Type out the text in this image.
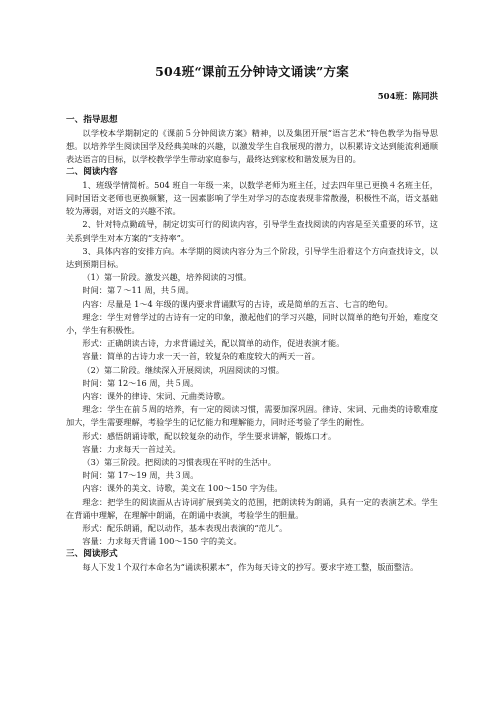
504班“课前五分钟诗文诵读”方案
504班：陈同洪
一、指导思想

以学校本学期制定的《课前５分钟阅读方案》精神，以及集团开展“语言艺术”特色教学为指导思想。以培养学生阅读国学及经典美味的兴趣，以激发学生自我展现的潜力，以积累诗文达到能流利通顺表达语言的目标，以学校教学学生带动家庭参与，最终达到家校和谐发展为目的。

二、阅读内容

1、班级学情简析。504 班自一年级一来，以数学老师为班主任，过去四年里已更换４名班主任，同时国语文老师也更换频繁，这一因素影响了学生对学习的态度表现非常散漫，积极性不高，语文基础较为薄弱，对语文的兴趣不浓。

2、针对特点勤疏导，制定切实可行的阅读内容，引导学生查找阅读的内容是至关重要的环节，这关系到学生对本方案的“支持率”。

3、具体内容的安排方向。本学期的阅读内容分为三个阶段，引导学生沿着这个方向查找诗文，以达到预期目标。

（1）第一阶段。激发兴趣，培养阅读的习惯。

时间：第７～11 周，共５周。

内容：尽量是 1～4 年级的课内要求背诵默写的古诗，或是简单的五言、七言的绝句。

理念：学生对曾学过的古诗有一定的印象，激起他们的学习兴趣，同时以简单的绝句开始，难度交小，学生有积极性。

形式：正确朗读古诗，力求背诵过关，配以简单的动作，促进表演才能。

容量：简单的古诗力求一天一首，较复杂的难度较大的两天一首。

（2）第二阶段。继续深入开展阅读，巩固阅读的习惯。

时间：第 12～16 周，共５周。

内容：课外的律诗、宋词、元曲类诗歌。

理念：学生在前５周的培养，有一定的阅读习惯，需要加深巩固。律诗、宋词、元曲类的诗歌难度加大，学生需要理解，考验学生的记忆能力和理解能力，同时还考验了学生的耐性。

形式：感悟朗诵诗歌，配以较复杂的动作，学生要求讲解，锻炼口才。

容量：力求每天一首过关。

（3）第三阶段。把阅读的习惯表现在平时的生活中。

时间：第 17～19 周，共３周。

内容：课外的美文、诗歌，美文在 100～150 字为佳。

理念：把学生的阅读面从古诗词扩展到美文的范围，把朗读转为朗诵，具有一定的表演艺术。学生在背诵中理解，在理解中朗诵，在朗诵中表演，考验学生的胆量。

形式：配乐朗诵，配以动作，基本表现出表演的“范儿”。

容量：力求每天背诵 100～150 字的美文。

三、阅读形式

每人下发１个双行本命名为“诵读积累本”，作为每天诗文的抄写。要求字迹工整，版面整洁。
